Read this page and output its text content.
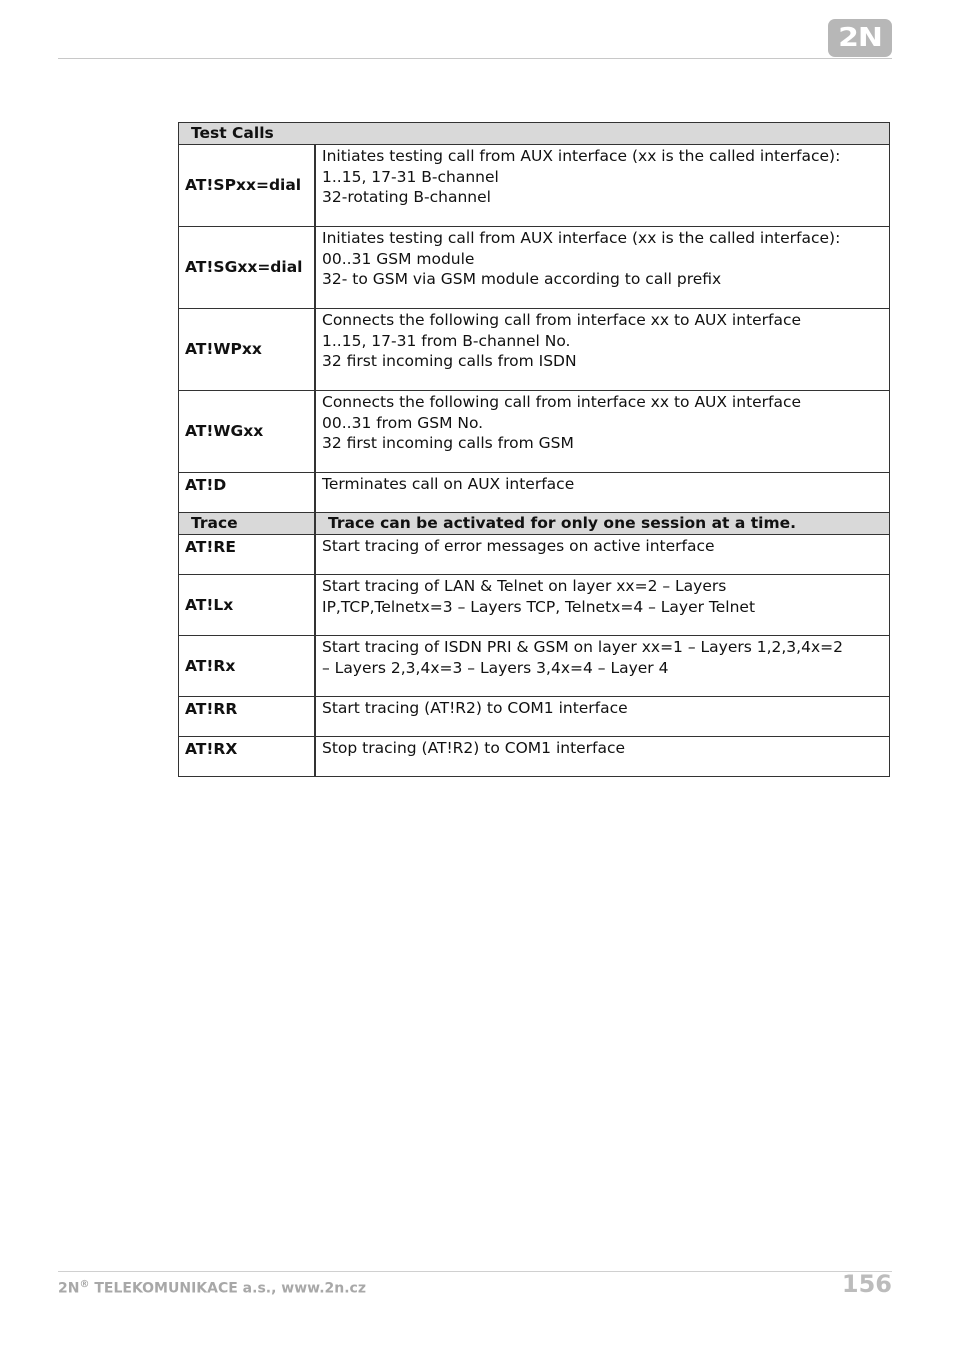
2N
Test Calls	
AT!SPxx=dial	Initiates testing call from AUX interface (xx is the called interface):
1..15, 17-31 B-channel
32-rotating B-channel

AT!SGxx=dial	Initiates testing call from AUX interface (xx is the called interface):
00..31 GSM module
32- to GSM via GSM module according to call prefix

AT!WPxx	Connects the following call from interface xx to AUX interface
1..15, 17-31 from B-channel No.
32 first incoming calls from ISDN

AT!WGxx	Connects the following call from interface xx to AUX interface
00..31 from GSM No.
32 first incoming calls from GSM

AT!D	Terminates call on AUX interface

Trace	Trace can be activated for only one session at a time.
AT!RE	Start tracing of error messages on active interface

AT!Lx	Start tracing of LAN & Telnet on layer xx=2 – Layers
IP,TCP,Telnetx=3 – Layers TCP, Telnetx=4 – Layer Telnet

AT!Rx	Start tracing of ISDN PRI & GSM on layer xx=1 – Layers 1,2,3,4x=2
– Layers 2,3,4x=3 – Layers 3,4x=4 – Layer 4

AT!RR	Start tracing (AT!R2) to COM1 interface

AT!RX	Stop tracing (AT!R2) to COM1 interface
2N® TELEKOMUNIKACE a.s., www.2n.cz	156
